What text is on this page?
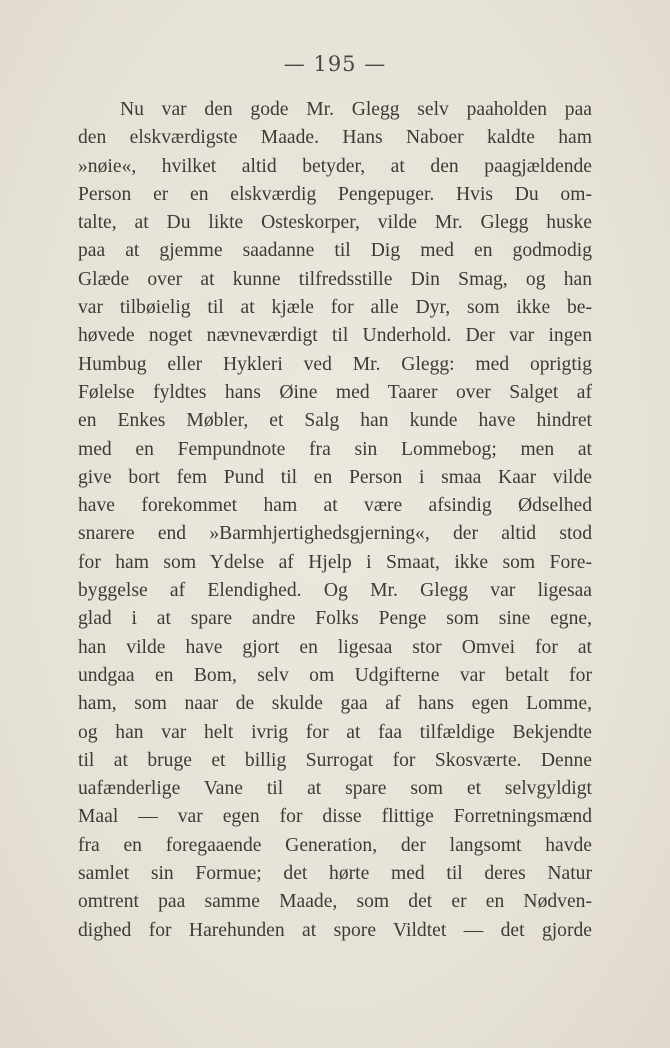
— 195 —
Nu var den gode Mr. Glegg selv paaholden paa
den elskværdigste Maade. Hans Naboer kaldte ham
»nøie«, hvilket altid betyder, at den paagjældende
Person er en elskværdig Pengepuger. Hvis Du om-
talte, at Du likte Osteskorper, vilde Mr. Glegg huske
paa at gjemme saadanne til Dig med en godmodig
Glæde over at kunne tilfredsstille Din Smag, og han
var tilbøielig til at kjæle for alle Dyr, som ikke be-
høvede noget nævneværdigt til Underhold. Der var ingen
Humbug eller Hykleri ved Mr. Glegg: med oprigtig
Følelse fyldtes hans Øine med Taarer over Salget af
en Enkes Møbler, et Salg han kunde have hindret
med en Fempundnote fra sin Lommebog; men at
give bort fem Pund til en Person i smaa Kaar vilde
have forekommet ham at være afsindig Ødselhed
snarere end »Barmhjertighedsgjerning«, der altid stod
for ham som Ydelse af Hjelp i Smaat, ikke som Fore-
byggelse af Elendighed. Og Mr. Glegg var ligesaa
glad i at spare andre Folks Penge som sine egne,
han vilde have gjort en ligesaa stor Omvei for at
undgaa en Bom, selv om Udgifterne var betalt for
ham, som naar de skulde gaa af hans egen Lomme,
og han var helt ivrig for at faa tilfældige Bekjendte
til at bruge et billig Surrogat for Skosværte. Denne
uafænderlige Vane til at spare som et selvgyldigt
Maal — var egen for disse flittige Forretningsmænd
fra en foregaaende Generation, der langsomt havde
samlet sin Formue; det hørte med til deres Natur
omtrent paa samme Maade, som det er en Nødven-
dighed for Harehunden at spore Vildtet — det gjorde
